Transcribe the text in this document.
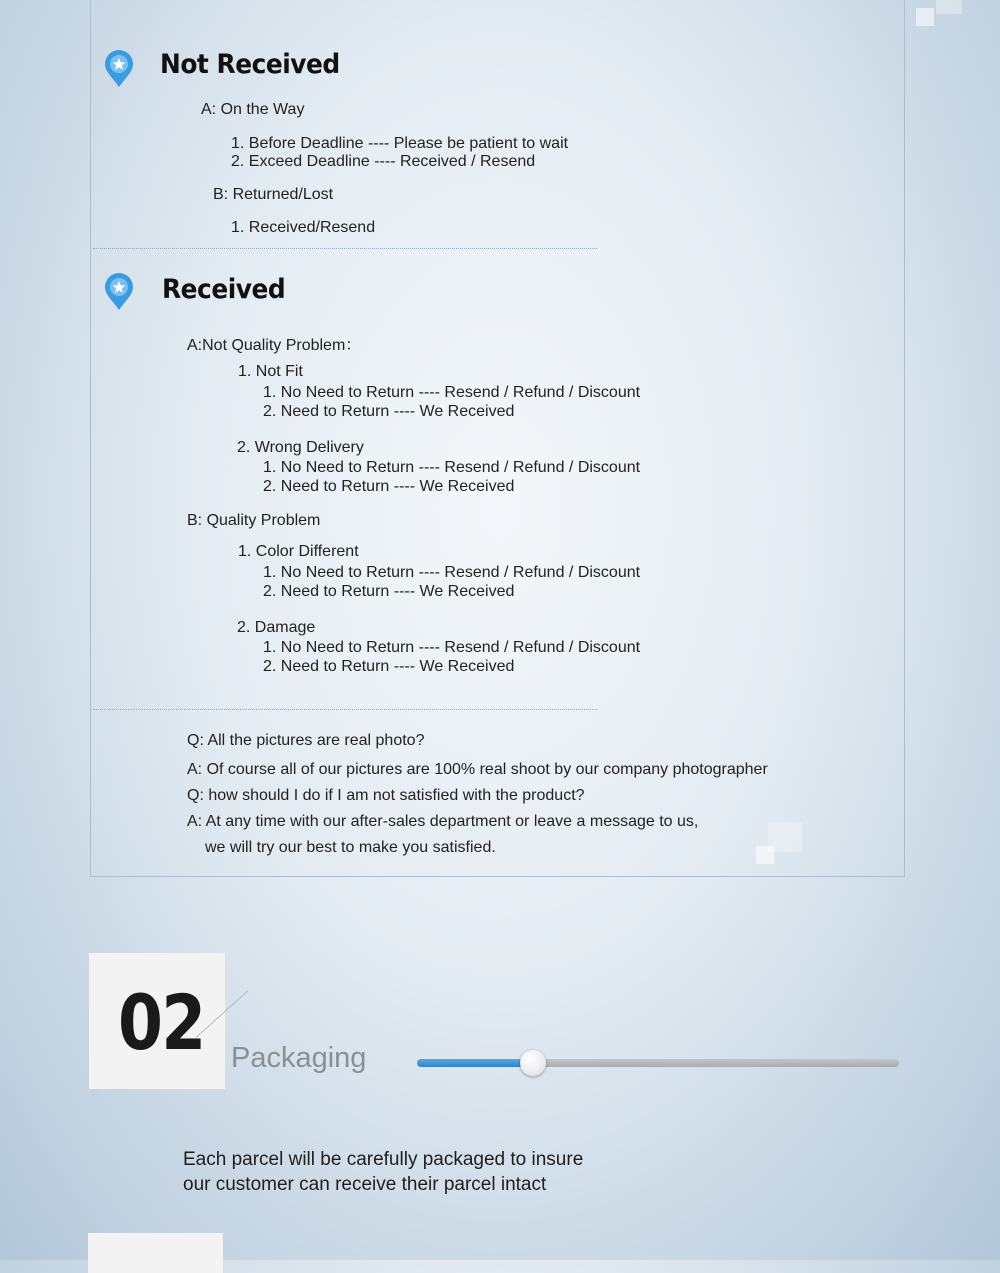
Not Received
A: On the Way
1. Before Deadline ---- Please be patient to wait
2. Exceed Deadline ---- Received / Resend
B: Returned/Lost
1. Received/Resend
Received
A:Not Quality Problem：
1. Not Fit
1. No Need to Return ---- Resend / Refund / Discount
2. Need to Return ---- We Received
2. Wrong Delivery
1. No Need to Return ---- Resend / Refund / Discount
2. Need to Return ---- We Received
B: Quality Problem
1. Color Different
1. No Need to Return ---- Resend / Refund / Discount
2. Need to Return ---- We Received
2. Damage
1. No Need to Return ---- Resend / Refund / Discount
2. Need to Return ---- We Received
Q: All the pictures are real photo?
A: Of course all of our pictures are 100% real shoot by our company photographer
Q: how should I do if I am not satisfied with the product?
A: At any time with our after-sales department or leave a message to us,
we will try our best to make you satisfied.
02 Packaging
Each parcel will be carefully packaged to insure
our customer can receive their parcel intact
